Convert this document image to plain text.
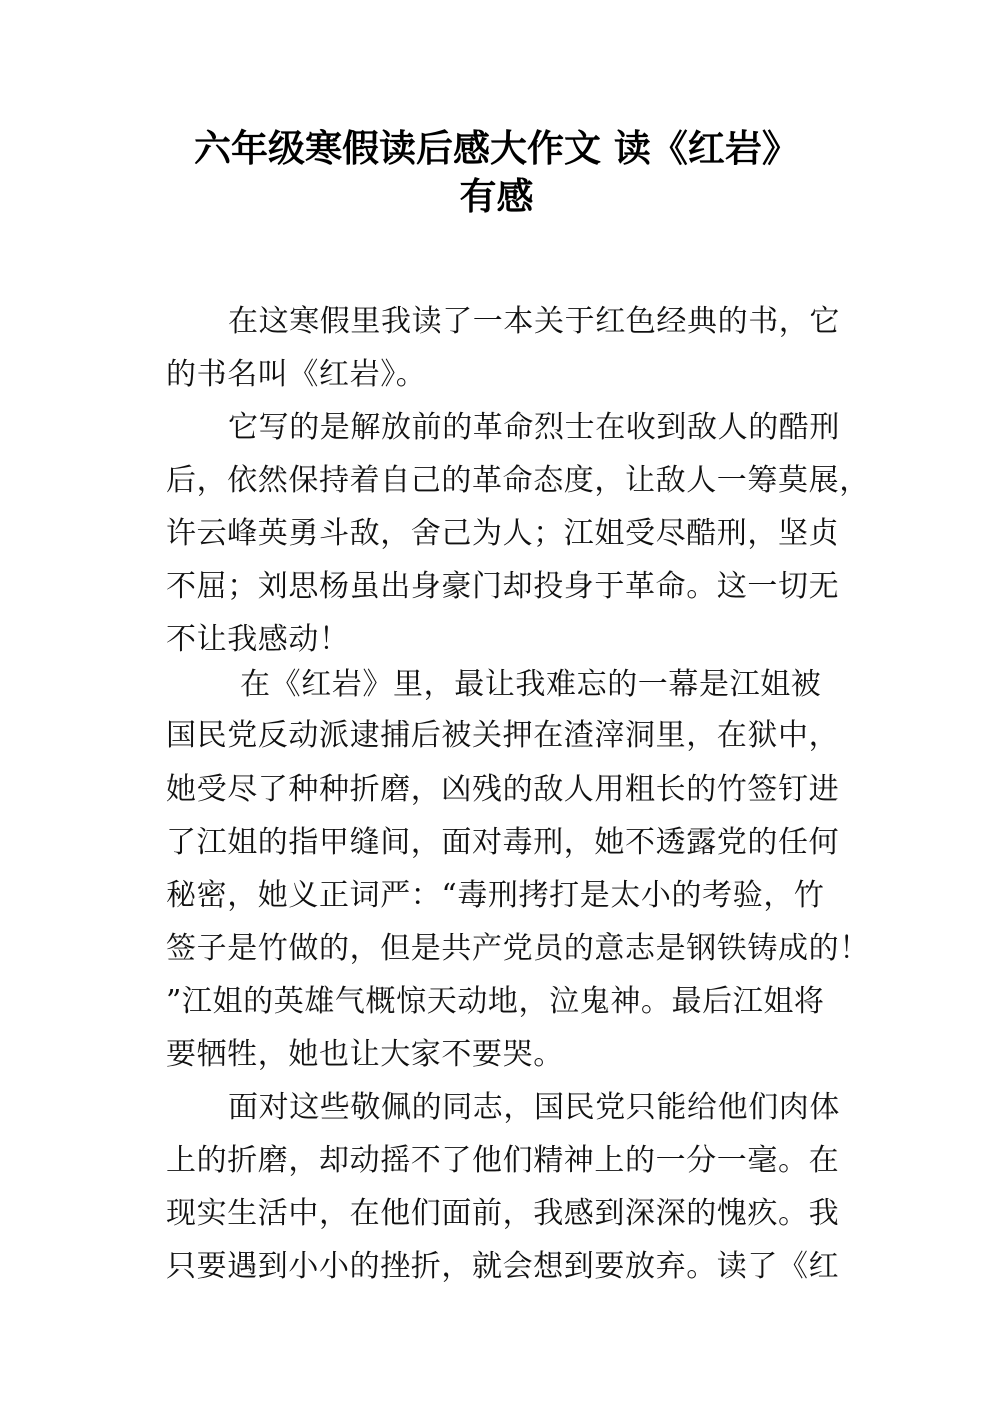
六年级寒假读后感大作文 读《红岩》
有感
在这寒假里我读了一本关于红色经典的书，它
的书名叫《红岩》。
它写的是解放前的革命烈士在收到敌人的酷刑
后，依然保持着自己的革命态度，让敌人一筹莫展，
许云峰英勇斗敌，舍己为人；江姐受尽酷刑，坚贞
不屈；刘思杨虽出身豪门却投身于革命。这一切无
不让我感动！
在《红岩》里，最让我难忘的一幕是江姐被
国民党反动派逮捕后被关押在渣滓洞里，在狱中，
她受尽了种种折磨，凶残的敌人用粗长的竹签钉进
了江姐的指甲缝间，面对毒刑，她不透露党的任何
秘密，她义正词严：“毒刑拷打是太小的考验，竹
签子是竹做的，但是共产党员的意志是钢铁铸成的！
”江姐的英雄气概惊天动地，泣鬼神。最后江姐将
要牺牲，她也让大家不要哭。
面对这些敬佩的同志，国民党只能给他们肉体
上的折磨，却动摇不了他们精神上的一分一毫。在
现实生活中，在他们面前，我感到深深的愧疚。我
只要遇到小小的挫折，就会想到要放弃。读了《红
